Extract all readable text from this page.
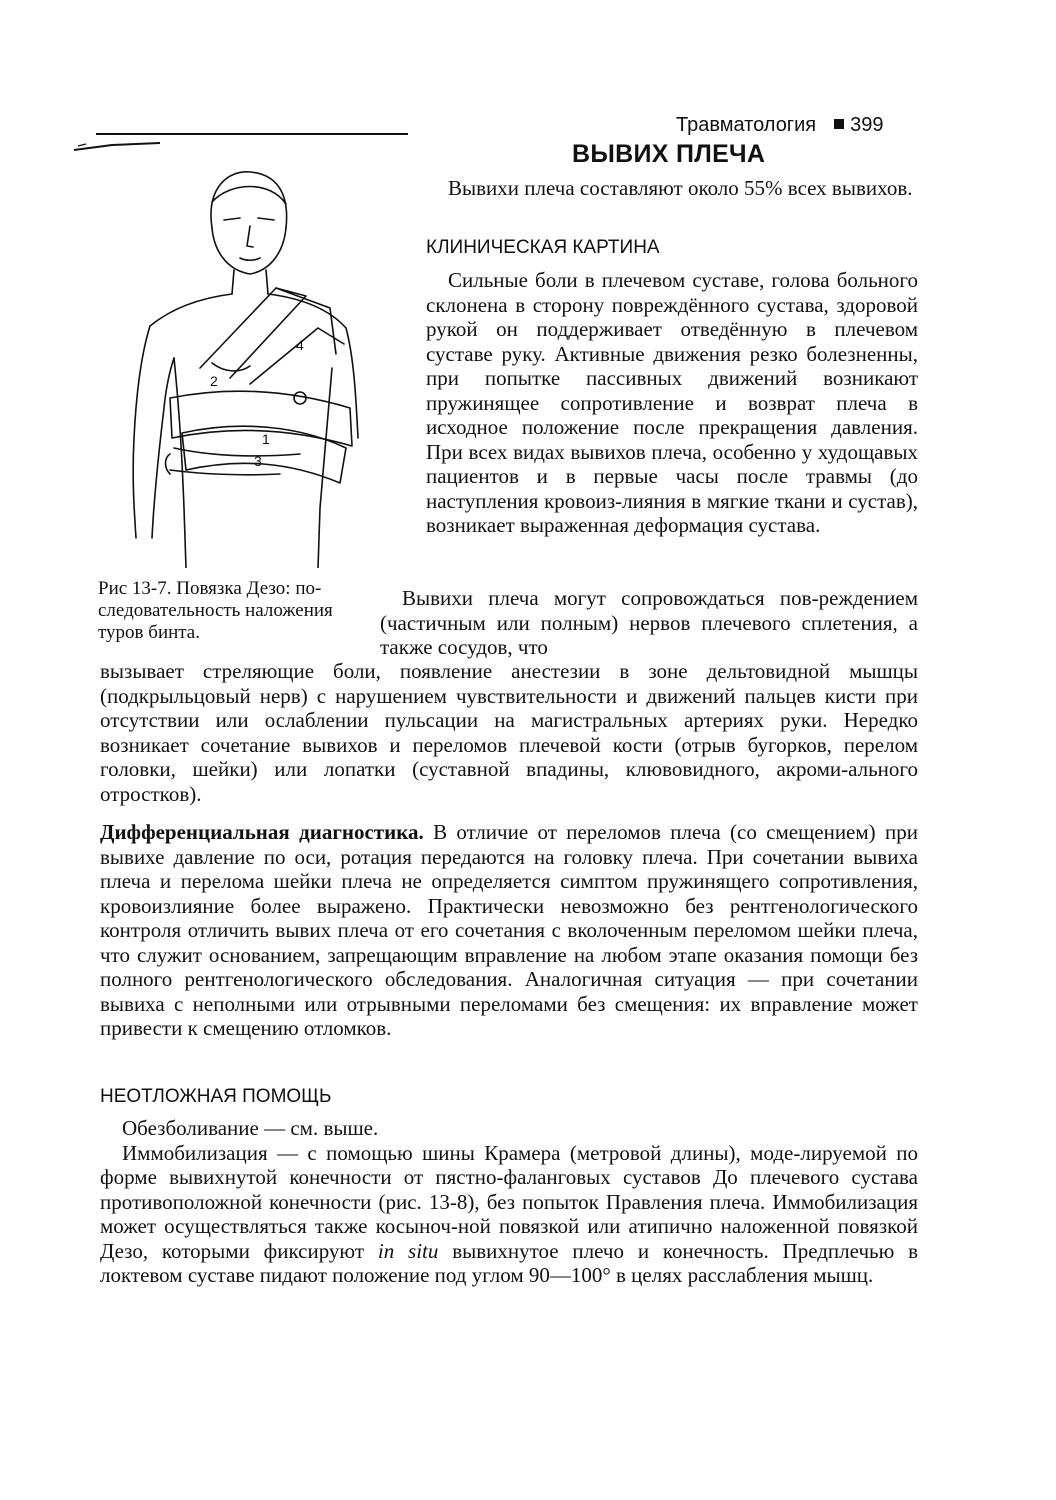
Травматология 399
ВЫВИХ ПЛЕЧА

Вывихи плеча составляют около 55% всех вывихов.

КЛИНИЧЕСКАЯ КАРТИНА

Сильные боли в плечевом суставе, голова больного склонена в сторону повреждённого сустава, здоровой рукой он поддерживает отведённую в плечевом суставе руку. Активные движения резко болезненны, при попытке пассивных движений возникают пружинящее сопротивление и возврат плеча в исходное положение после прекращения давления. При всех видах вывихов плеча, особенно у худощавых пациентов и в первые часы после травмы (до наступления кровоиз-лияния в мягкие ткани и сустав), возникает выраженная деформация сустава.

1
2
3
4
Рис 13-7. Повязка Дезо: по-следовательность наложения туров бинта.

Вывихи плеча могут сопровождаться пов-реждением (частичным или полным) нервов плечевого сплетения, а также сосудов, что

вызывает стреляющие боли, появление анестезии в зоне дельтовидной мышцы (подкрыльцовый нерв) с нарушением чувствительности и движений пальцев кисти при отсутствии или ослаблении пульсации на магистральных артериях руки. Нередко возникает сочетание вывихов и переломов плечевой кости (отрыв бугорков, перелом головки, шейки) или лопатки (суставной впадины, клювовидного, акроми-ального отростков).

Дифференциальная диагностика. В отличие от переломов плеча (со смещением) при вывихе давление по оси, ротация передаются на головку плеча. При сочетании вывиха плеча и перелома шейки плеча не определяется симптом пружинящего сопротивления, кровоизлияние более выражено. Практически невозможно без рентгенологического контроля отличить вывих плеча от его сочетания с вколоченным переломом шейки плеча, что служит основанием, запрещающим вправление на любом этапе оказания помощи без полного рентгенологического обследования. Аналогичная ситуация — при сочетании вывиха с неполными или отрывными переломами без смещения: их вправление может привести к смещению отломков.

НЕОТЛОЖНАЯ ПОМОЩЬ

Обезболивание — см. выше.

Иммобилизация — с помощью шины Крамера (метровой длины), моде-лируемой по форме вывихнутой конечности от пястно-фаланговых суставов До плечевого сустава противоположной конечности (рис. 13-8), без попыток Правления плеча. Иммобилизация может осуществляться также косыноч-ной повязкой или атипично наложенной повязкой Дезо, которыми фиксируют in situ вывихнутое плечо и конечность. Предплечью в локтевом суставе пидают положение под углом 90—100° в целях расслабления мышц.
